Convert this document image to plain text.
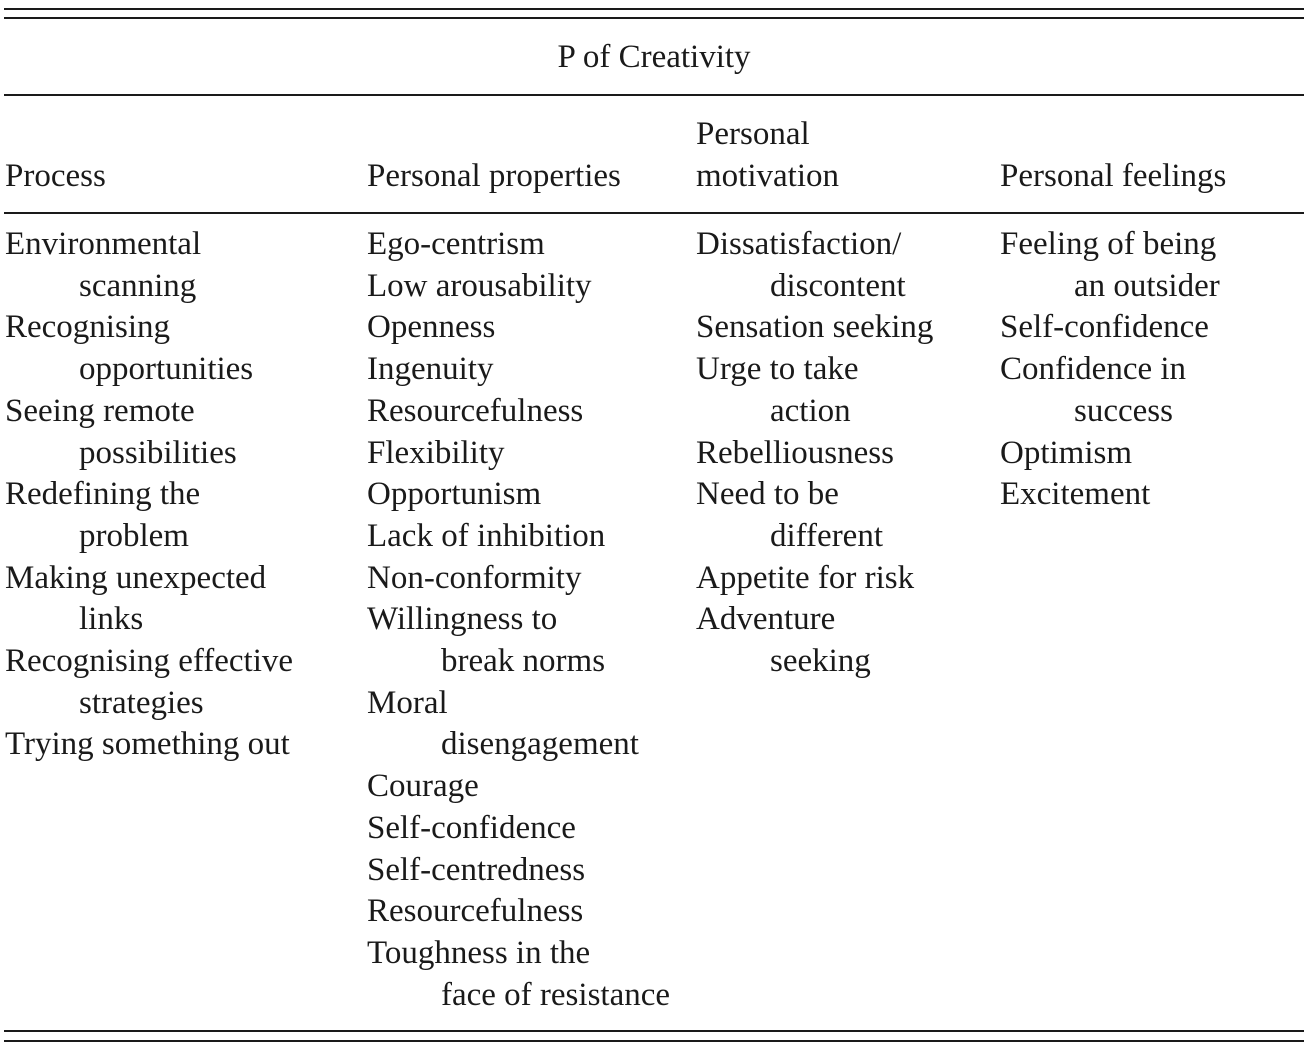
P of Creativity
Process	Personal properties
Personal
motivation	Personal feelings
Environmental
scanning
Recognising
opportunities
Seeing remote
possibilities
Redefining the
problem
Making unexpected
links
Recognising effective
strategies
Trying something out
Ego-centrism
Low arousability
Openness
Ingenuity
Resourcefulness
Flexibility
Opportunism
Lack of inhibition
Non-conformity
Willingness to
break norms
Moral
disengagement
Courage
Self-confidence
Self-centredness
Resourcefulness
Toughness in the
face of resistance
Dissatisfaction/
discontent
Sensation seeking
Urge to take
action
Rebelliousness
Need to be
different
Appetite for risk
Adventure
seeking
Feeling of being
an outsider
Self-confidence
Confidence in
success
Optimism
Excitement
